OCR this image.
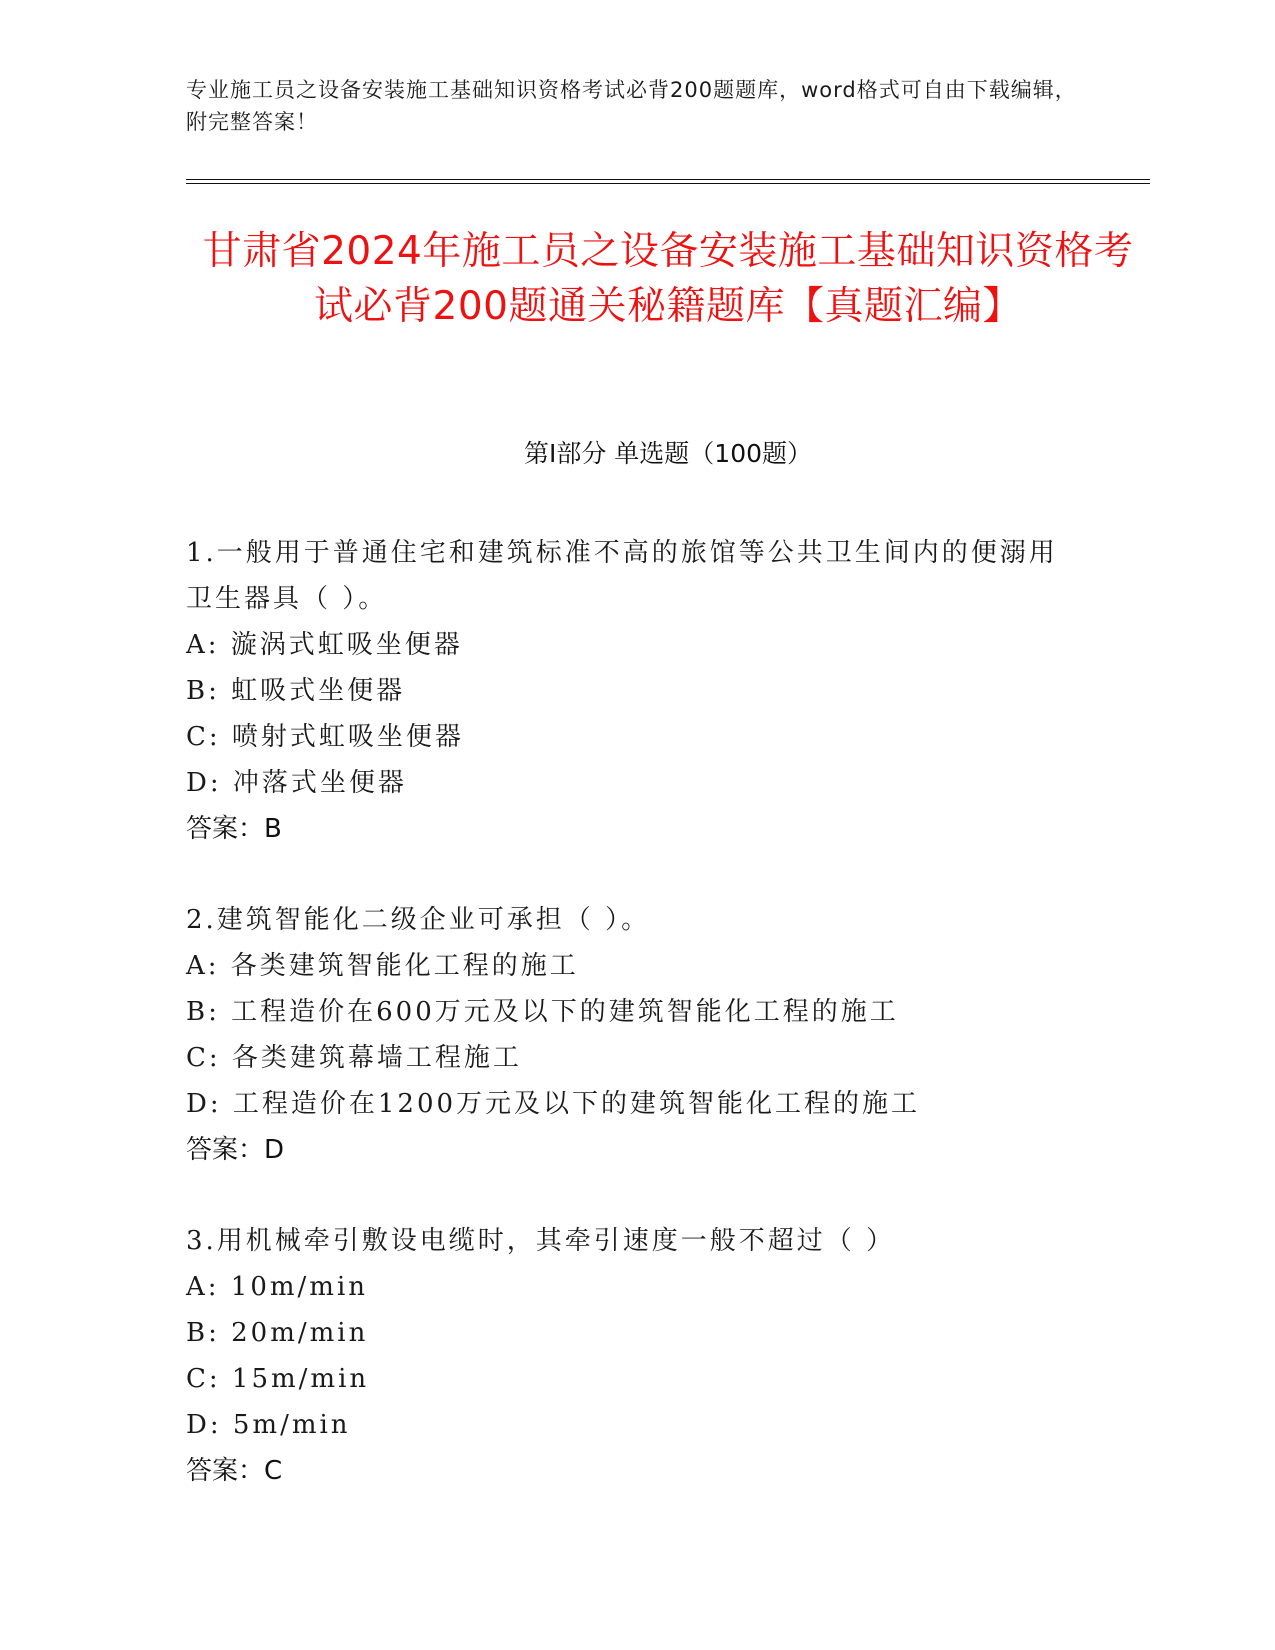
专业施工员之设备安装施工基础知识资格考试必背200题题库，word格式可自由下载编辑，附完整答案！
甘肃省2024年施工员之设备安装施工基础知识资格考试必背200题通关秘籍题库【真题汇编】
第I部分 单选题（100题）
1.一般用于普通住宅和建筑标准不高的旅馆等公共卫生间内的便溺用卫生器具（ ）。
A: 漩涡式虹吸坐便器
B: 虹吸式坐便器
C: 喷射式虹吸坐便器
D: 冲落式坐便器
答案：B
2.建筑智能化二级企业可承担（ ）。
A: 各类建筑智能化工程的施工
B: 工程造价在600万元及以下的建筑智能化工程的施工
C: 各类建筑幕墙工程施工
D: 工程造价在1200万元及以下的建筑智能化工程的施工
答案：D
3.用机械牵引敷设电缆时，其牵引速度一般不超过（ ）
A: 10m/min
B: 20m/min
C: 15m/min
D: 5m/min
答案：C
